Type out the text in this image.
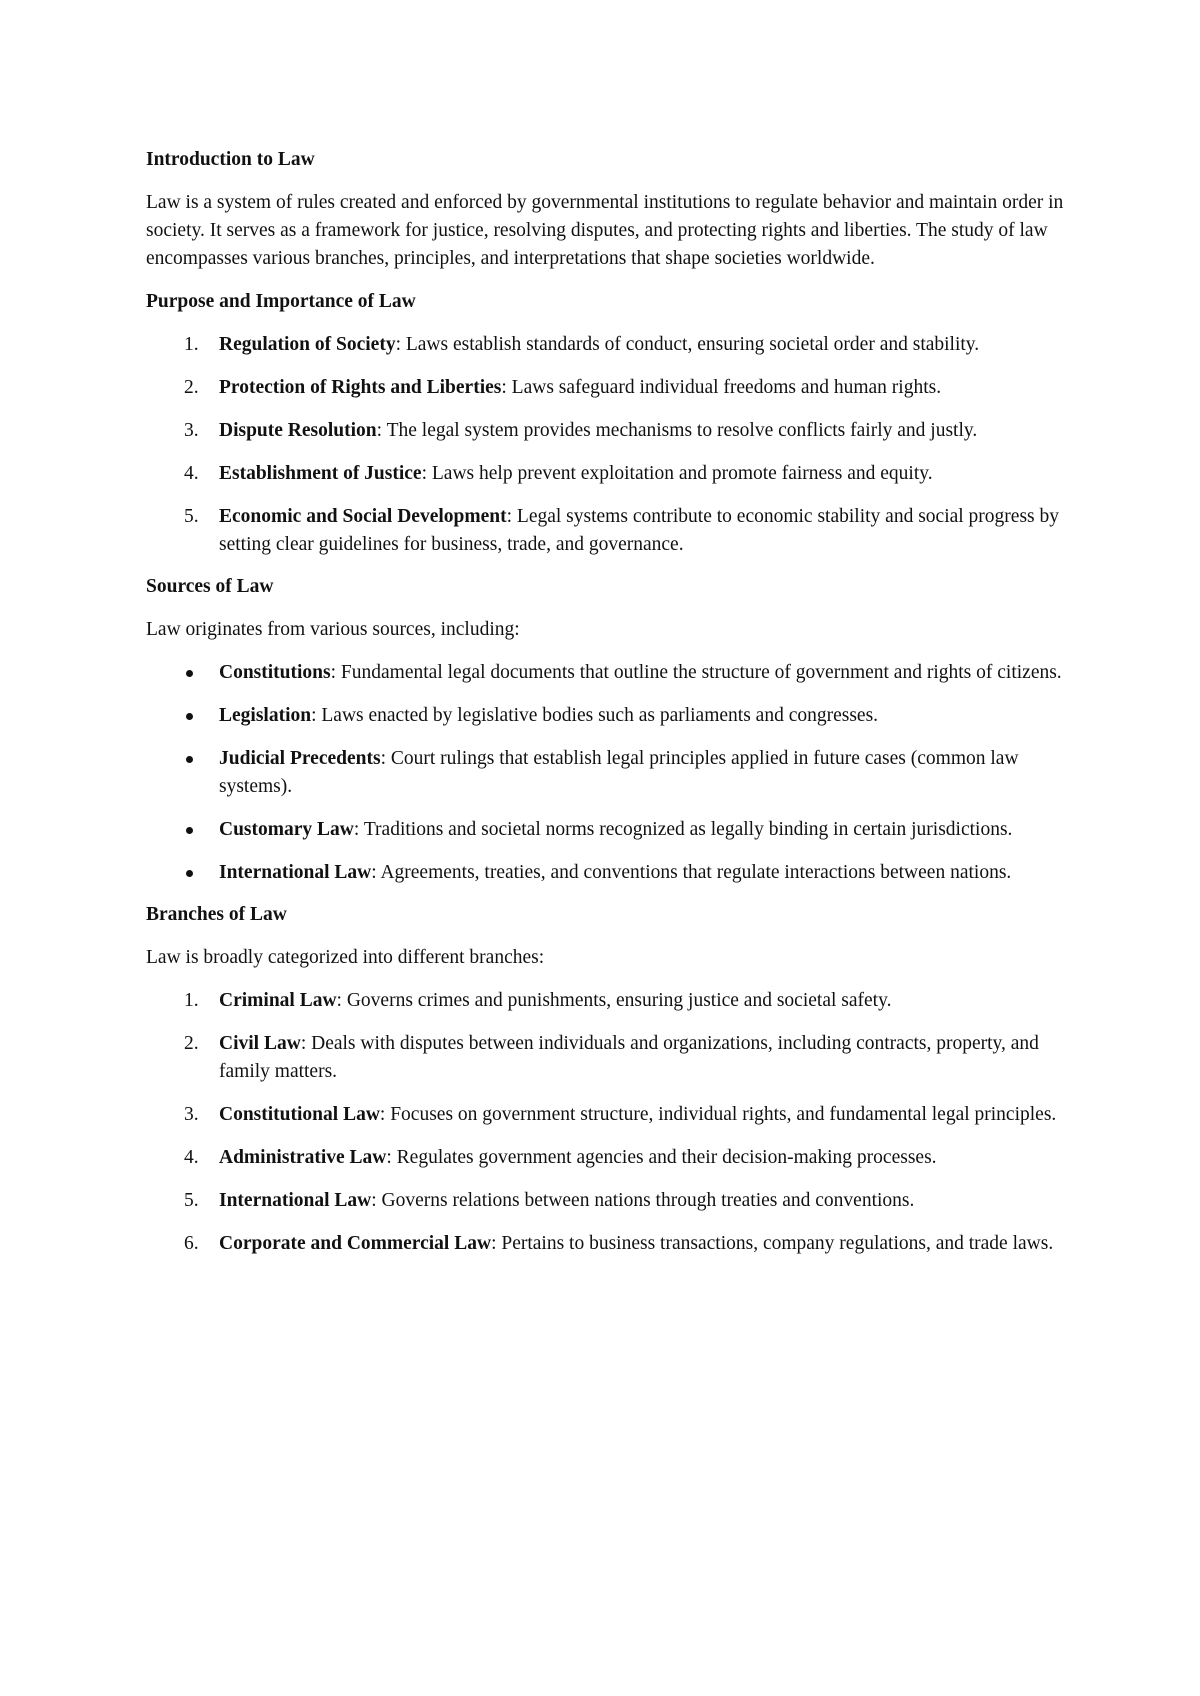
Introduction to Law

Law is a system of rules created and enforced by governmental institutions to regulate behavior and maintain order in society. It serves as a framework for justice, resolving disputes, and protecting rights and liberties. The study of law encompasses various branches, principles, and interpretations that shape societies worldwide.

Purpose and Importance of Law
1.	Regulation of Society: Laws establish standards of conduct, ensuring societal order and stability.
2.	Protection of Rights and Liberties: Laws safeguard individual freedoms and human rights.
3.	Dispute Resolution: The legal system provides mechanisms to resolve conflicts fairly and justly.
4.	Establishment of Justice: Laws help prevent exploitation and promote fairness and equity.
5.	Economic and Social Development: Legal systems contribute to economic stability and social progress by setting clear guidelines for business, trade, and governance.
Sources of Law

Law originates from various sources, including:

Constitutions: Fundamental legal documents that outline the structure of government and rights of citizens.
Legislation: Laws enacted by legislative bodies such as parliaments and congresses.
Judicial Precedents: Court rulings that establish legal principles applied in future cases (common law systems).
Customary Law: Traditions and societal norms recognized as legally binding in certain jurisdictions.
International Law: Agreements, treaties, and conventions that regulate interactions between nations.
Branches of Law

Law is broadly categorized into different branches:

1.	Criminal Law: Governs crimes and punishments, ensuring justice and societal safety.
2.	Civil Law: Deals with disputes between individuals and organizations, including contracts, property, and family matters.
3.	Constitutional Law: Focuses on government structure, individual rights, and fundamental legal principles.
4.	Administrative Law: Regulates government agencies and their decision-making processes.
5.	International Law: Governs relations between nations through treaties and conventions.
6.	Corporate and Commercial Law: Pertains to business transactions, company regulations, and trade laws.
